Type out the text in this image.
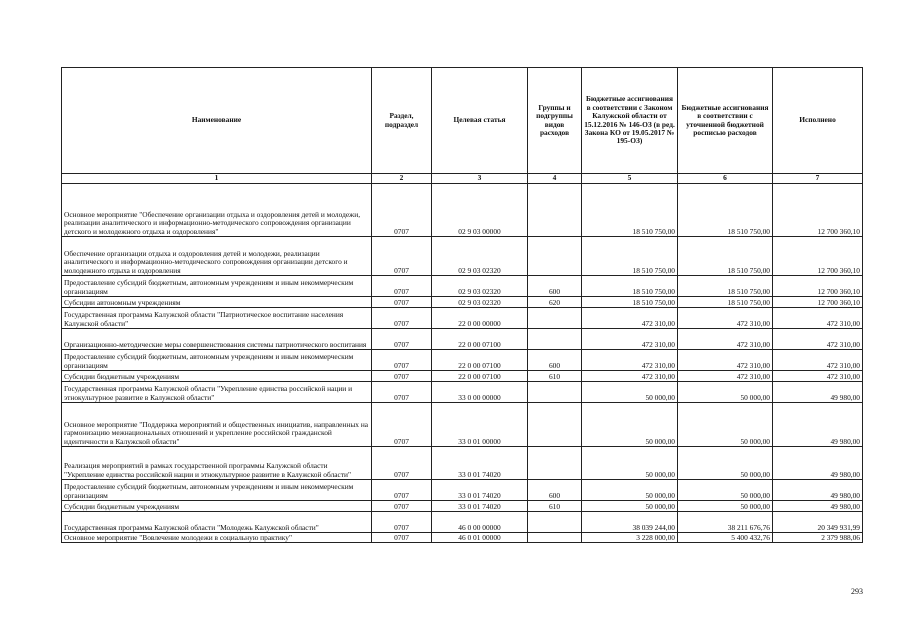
Наименование	Раздел, подраздел	Целевая статья	Группы и подгруппы видов расходов	Бюджетные ассигнования в соответствии с Законом Калужской области от 15.12.2016 № 146-ОЗ (в ред. Закона КО от 19.05.2017 № 195-ОЗ)	Бюджетные ассигнования в соответствии с уточненной бюджетной росписью расходов	Исполнено
1	2	3	4	5	6	7
Основное мероприятие "Обеспечение организации отдыха и оздоровления детей и молодежи, реализации аналитического и информационно-методического сопровождения организации детского и молодежного отдыха и оздоровления"	0707	02 9 03 00000		18 510 750,00	18 510 750,00	12 700 360,10
Обеспечение организации отдыха и оздоровления детей и молодежи, реализации аналитического и информационно-методического сопровождения организации детского и молодежного отдыха и оздоровления	0707	02 9 03 02320		18 510 750,00	18 510 750,00	12 700 360,10
Предоставление субсидий бюджетным, автономным учреждениям и иным некоммерческим организациям	0707	02 9 03 02320	600	18 510 750,00	18 510 750,00	12 700 360,10
Субсидии автономным учреждениям	0707	02 9 03 02320	620	18 510 750,00	18 510 750,00	12 700 360,10
Государственная программа Калужской области "Патриотическое воспитание населения Калужской области"	0707	22 0 00 00000		472 310,00	472 310,00	472 310,00
Организационно-методические меры совершенствования системы патриотического воспитания	0707	22 0 00 07100		472 310,00	472 310,00	472 310,00
Предоставление субсидий бюджетным, автономным учреждениям и иным некоммерческим организациям	0707	22 0 00 07100	600	472 310,00	472 310,00	472 310,00
Субсидии бюджетным учреждениям	0707	22 0 00 07100	610	472 310,00	472 310,00	472 310,00
Государственная программа Калужской области "Укрепление единства российской нации и этнокультурное развитие в Калужской области"	0707	33 0 00 00000		50 000,00	50 000,00	49 980,00
Основное мероприятие "Поддержка мероприятий и общественных инициатив, направленных на гармонизацию межнациональных отношений и укрепление российской гражданской идентичности в Калужской области"	0707	33 0 01 00000		50 000,00	50 000,00	49 980,00
Реализация мероприятий в рамках государственной программы Калужской области "Укрепление единства российской нации и этнокультурное развитие в Калужской области"	0707	33 0 01 74020		50 000,00	50 000,00	49 980,00
Предоставление субсидий бюджетным, автономным учреждениям и иным некоммерческим организациям	0707	33 0 01 74020	600	50 000,00	50 000,00	49 980,00
Субсидии бюджетным учреждениям	0707	33 0 01 74020	610	50 000,00	50 000,00	49 980,00
Государственная программа Калужской области "Молодежь Калужской области"	0707	46 0 00 00000		38 039 244,00	38 211 676,76	20 349 931,99
Основное мероприятие "Вовлечение молодежи в социальную практику"	0707	46 0 01 00000		3 228 000,00	5 400 432,76	2 379 988,06
293
